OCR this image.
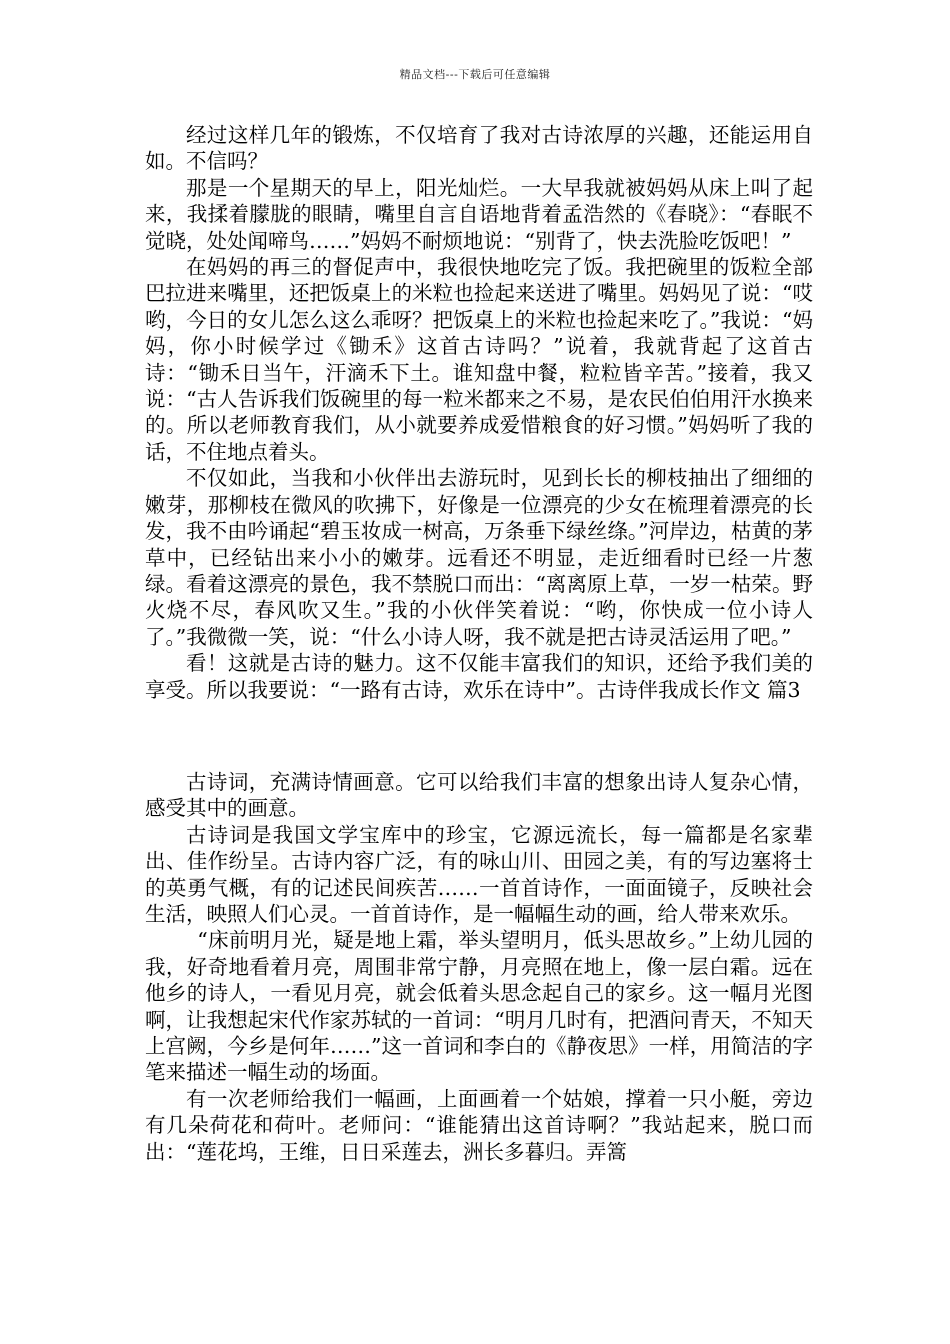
精品文档---下载后可任意编辑

经过这样几年的锻炼，不仅培育了我对古诗浓厚的兴趣，还能运用自如。不信吗？

那是一个星期天的早上，阳光灿烂。一大早我就被妈妈从床上叫了起来，我揉着朦胧的眼睛，嘴里自言自语地背着孟浩然的《春晓》：“春眠不觉晓，处处闻啼鸟……”妈妈不耐烦地说：“别背了，快去洗脸吃饭吧！”

在妈妈的再三的督促声中，我很快地吃完了饭。我把碗里的饭粒全部巴拉进来嘴里，还把饭桌上的米粒也捡起来送进了嘴里。妈妈见了说：“哎哟，今日的女儿怎么这么乖呀？把饭桌上的米粒也捡起来吃了。”我说：“妈妈，你小时候学过《锄禾》这首古诗吗？”说着，我就背起了这首古诗：“锄禾日当午，汗滴禾下土。谁知盘中餐，粒粒皆辛苦。”接着，我又说：“古人告诉我们饭碗里的每一粒米都来之不易，是农民伯伯用汗水换来的。所以老师教育我们，从小就要养成爱惜粮食的好习惯。”妈妈听了我的话，不住地点着头。

不仅如此，当我和小伙伴出去游玩时，见到长长的柳枝抽出了细细的嫩芽，那柳枝在微风的吹拂下，好像是一位漂亮的少女在梳理着漂亮的长发，我不由吟诵起“碧玉妆成一树高，万条垂下绿丝绦。”河岸边，枯黄的茅草中，已经钻出来小小的嫩芽。远看还不明显，走近细看时已经一片葱绿。看着这漂亮的景色，我不禁脱口而出：“离离原上草，一岁一枯荣。野火烧不尽，春风吹又生。”我的小伙伴笑着说：“哟，你快成一位小诗人了。”我微微一笑，说：“什么小诗人呀，我不就是把古诗灵活运用了吧。”

看！这就是古诗的魅力。这不仅能丰富我们的知识，还给予我们美的享受。所以我要说：“一路有古诗，欢乐在诗中”。古诗伴我成长作文 篇3

古诗词，充满诗情画意。它可以给我们丰富的想象出诗人复杂心情，感受其中的画意。

古诗词是我国文学宝库中的珍宝，它源远流长，每一篇都是名家辈出、佳作纷呈。古诗内容广泛，有的咏山川、田园之美，有的写边塞将士的英勇气概，有的记述民间疾苦……一首首诗作，一面面镜子，反映社会生活，映照人们心灵。一首首诗作，是一幅幅生动的画，给人带来欢乐。

“床前明月光，疑是地上霜，举头望明月，低头思故乡。”上幼儿园的我，好奇地看着月亮，周围非常宁静，月亮照在地上，像一层白霜。远在他乡的诗人，一看见月亮，就会低着头思念起自己的家乡。这一幅月光图啊，让我想起宋代作家苏轼的一首词：“明月几时有，把酒问青天，不知天上宫阙，今乡是何年……”这一首词和李白的《静夜思》一样，用简洁的字笔来描述一幅生动的场面。

有一次老师给我们一幅画，上面画着一个姑娘，撑着一只小艇，旁边有几朵荷花和荷叶。老师问：“谁能猜出这首诗啊？”我站起来，脱口而出：“莲花坞，王维，日日采莲去，洲长多暮归。弄篙
